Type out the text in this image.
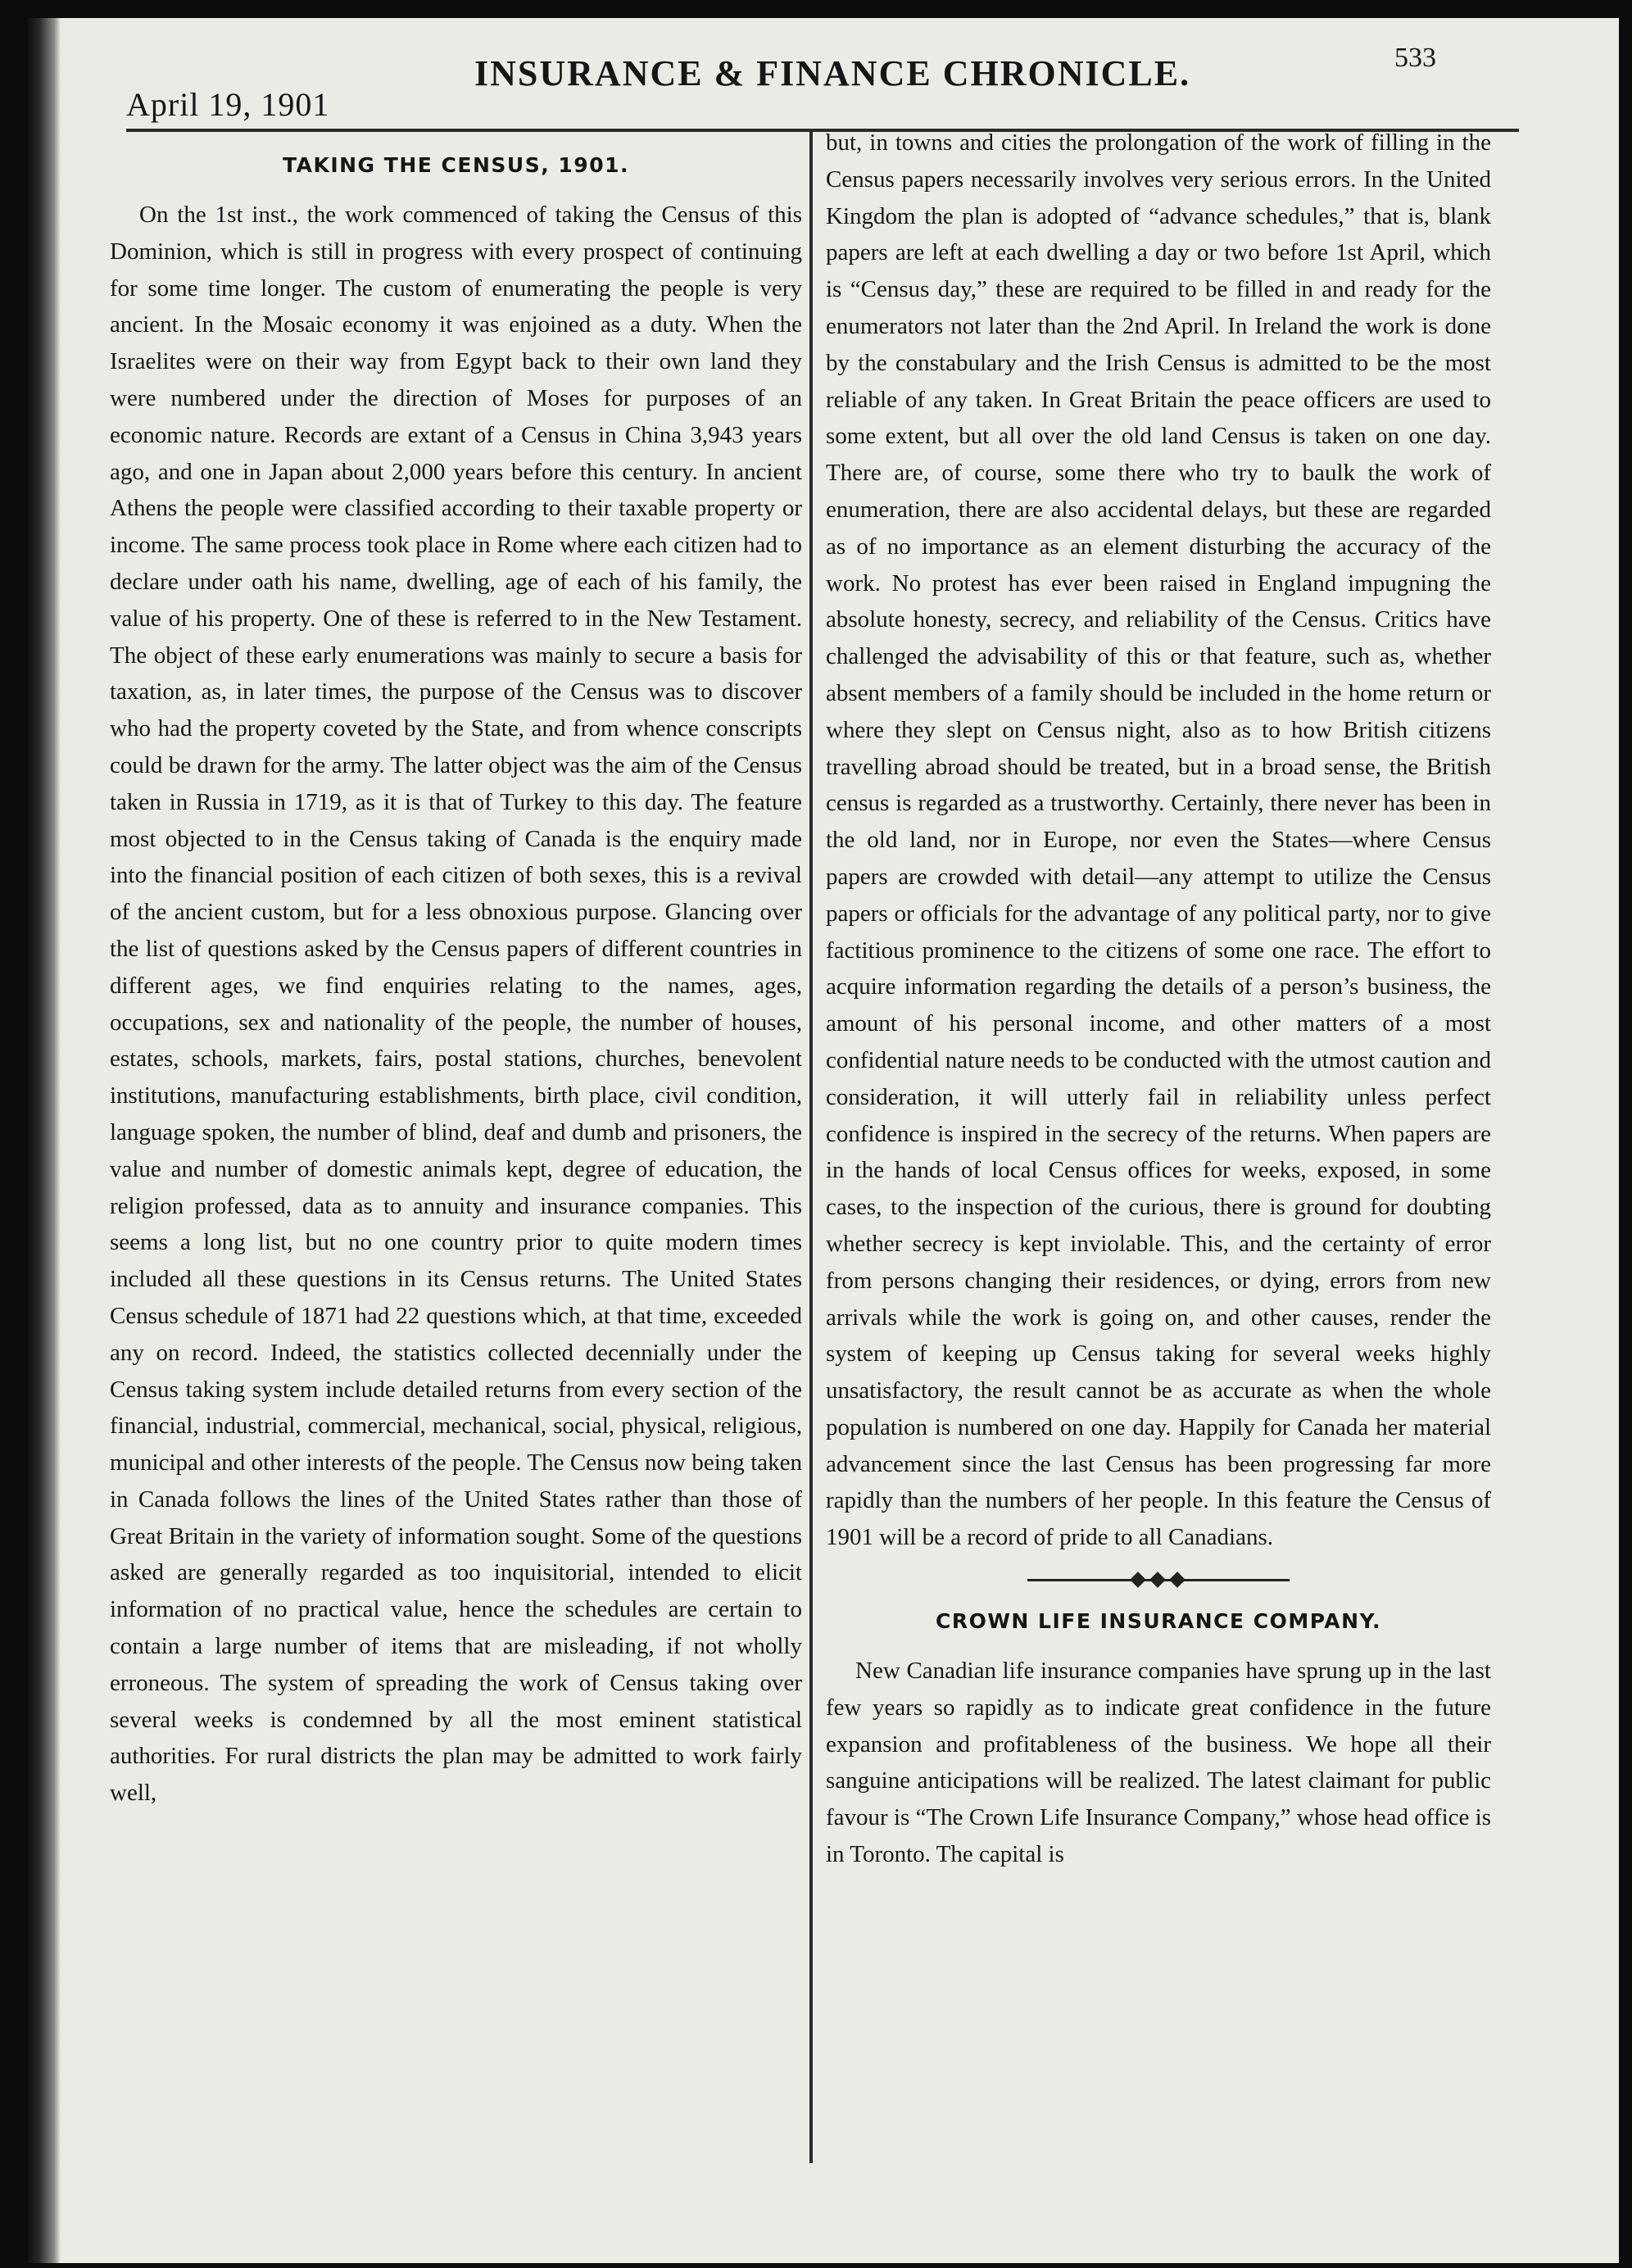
April 19, 1901
INSURANCE & FINANCE CHRONICLE.	533
TAKING THE CENSUS, 1901.

On the 1st inst., the work commenced of taking the Census of this Dominion, which is still in progress with every prospect of continuing for some time longer. The custom of enumerating the people is very ancient. In the Mosaic economy it was enjoined as a duty. When the Israelites were on their way from Egypt back to their own land they were numbered under the direction of Moses for purposes of an economic nature. Records are extant of a Census in China 3,943 years ago, and one in Japan about 2,000 years before this century. In ancient Athens the people were classified according to their taxable property or income. The same process took place in Rome where each citizen had to declare under oath his name, dwelling, age of each of his family, the value of his property. One of these is referred to in the New Testament. The object of these early enumerations was mainly to secure a basis for taxation, as, in later times, the purpose of the Census was to discover who had the property coveted by the State, and from whence conscripts could be drawn for the army. The latter object was the aim of the Census taken in Russia in 1719, as it is that of Turkey to this day. The feature most objected to in the Census taking of Canada is the enquiry made into the financial position of each citizen of both sexes, this is a revival of the ancient custom, but for a less obnoxious purpose. Glancing over the list of questions asked by the Census papers of different countries in different ages, we find enquiries relating to the names, ages, occupations, sex and nationality of the people, the number of houses, estates, schools, markets, fairs, postal stations, churches, benevolent institutions, manufacturing establishments, birth place, civil condition, language spoken, the number of blind, deaf and dumb and prisoners, the value and number of domestic animals kept, degree of education, the religion professed, data as to annuity and insurance companies. This seems a long list, but no one country prior to quite modern times included all these questions in its Census returns. The United States Census schedule of 1871 had 22 questions which, at that time, exceeded any on record. Indeed, the statistics collected decennially under the Census taking system include detailed returns from every section of the financial, industrial, commercial, mechanical, social, physical, religious, municipal and other interests of the people. The Census now being taken in Canada follows the lines of the United States rather than those of Great Britain in the variety of information sought. Some of the questions asked are generally regarded as too inquisitorial, intended to elicit information of no practical value, hence the schedules are certain to contain a large number of items that are misleading, if not wholly erroneous. The system of spreading the work of Census taking over several weeks is condemned by all the most eminent statistical authorities. For rural districts the plan may be admitted to work fairly well,

but, in towns and cities the prolongation of the work of filling in the Census papers necessarily involves very serious errors. In the United Kingdom the plan is adopted of “advance schedules,” that is, blank papers are left at each dwelling a day or two before 1st April, which is “Census day,” these are required to be filled in and ready for the enumerators not later than the 2nd April. In Ireland the work is done by the constabulary and the Irish Census is admitted to be the most reliable of any taken. In Great Britain the peace officers are used to some extent, but all over the old land Census is taken on one day. There are, of course, some there who try to baulk the work of enumeration, there are also accidental delays, but these are regarded as of no importance as an element disturbing the accuracy of the work. No protest has ever been raised in England impugning the absolute honesty, secrecy, and reliability of the Census. Critics have challenged the advisability of this or that feature, such as, whether absent members of a family should be included in the home return or where they slept on Census night, also as to how British citizens travelling abroad should be treated, but in a broad sense, the British census is regarded as a trustworthy. Certainly, there never has been in the old land, nor in Europe, nor even the States—where Census papers are crowded with detail—any attempt to utilize the Census papers or officials for the advantage of any political party, nor to give factitious prominence to the citizens of some one race. The effort to acquire information regarding the details of a person’s business, the amount of his personal income, and other matters of a most confidential nature needs to be conducted with the utmost caution and consideration, it will utterly fail in reliability unless perfect confidence is inspired in the secrecy of the returns. When papers are in the hands of local Census offices for weeks, exposed, in some cases, to the inspection of the curious, there is ground for doubting whether secrecy is kept inviolable. This, and the certainty of error from persons changing their residences, or dying, errors from new arrivals while the work is going on, and other causes, render the system of keeping up Census taking for several weeks highly unsatisfactory, the result cannot be as accurate as when the whole population is numbered on one day. Happily for Canada her material advancement since the last Census has been progressing far more rapidly than the numbers of her people. In this feature the Census of 1901 will be a record of pride to all Canadians.

CROWN LIFE INSURANCE COMPANY.

New Canadian life insurance companies have sprung up in the last few years so rapidly as to indicate great confidence in the future expansion and profitableness of the business. We hope all their sanguine anticipations will be realized. The latest claimant for public favour is “The Crown Life Insurance Company,” whose head office is in Toronto. The capital is
